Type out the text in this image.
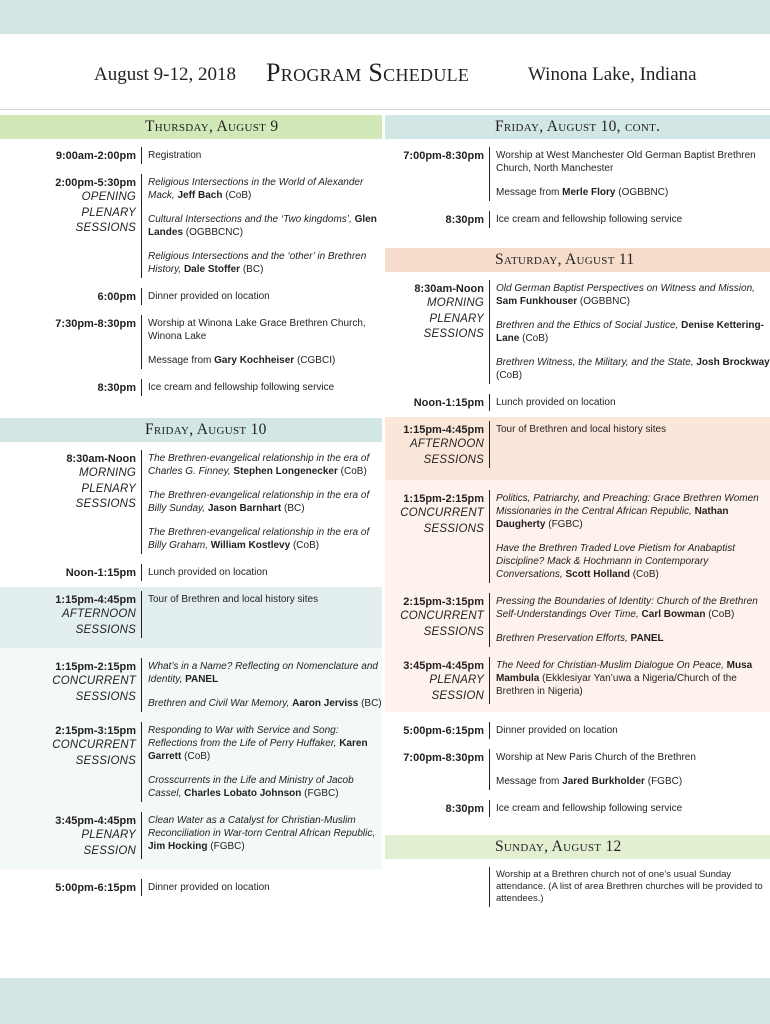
August 9-12, 2018 Program Schedule	Winona Lake, Indiana
Thursday, August 9
9:00am-2:00pm Registration
2:00pm-5:30pm
OPENING
PLENARY
SESSIONS
Religious Intersections in the World of Alexander Mack, Jeff Bach (CoB)
Cultural Intersections and the ‘Two kingdoms’, Glen Landes (OGBBCNC)
Religious Intersections and the ‘other’ in Brethren History, Dale Stoffer (BC)
6:00pm Dinner provided on location
7:30pm-8:30pm Worship at Winona Lake Grace Brethren Church, Winona Lake
Message from Gary Kochheiser (CGBCI)
8:30pm Ice cream and fellowship following service
Friday, August 10
8:30am-Noon
MORNING
PLENARY
SESSIONS
The Brethren-evangelical relationship in the era of Charles G. Finney, Stephen Longenecker (CoB)
The Brethren-evangelical relationship in the era of Billy Sunday, Jason Barnhart (BC)
The Brethren-evangelical relationship in the era of Billy Graham, William Kostlevy (CoB)
Noon-1:15pm Lunch provided on location
1:15pm-4:45pm
AFTERNOON
SESSIONS
Tour of Brethren and local history sites
1:15pm-2:15pm
CONCURRENT
SESSIONS
What’s in a Name? Reflecting on Nomenclature and Identity, PANEL
Brethren and Civil War Memory, Aaron Jerviss (BC)
2:15pm-3:15pm
CONCURRENT
SESSIONS
Responding to War with Service and Song: Reflections from the Life of Perry Huffaker, Karen Garrett (CoB)
Crosscurrents in the Life and Ministry of Jacob Cassel, Charles Lobato Johnson (FGBC)
3:45pm-4:45pm
PLENARY
SESSION
Clean Water as a Catalyst for Christian-Muslim Reconciliation in War-torn Central African Republic, Jim Hocking (FGBC)
5:00pm-6:15pm Dinner provided on location
Friday, August 10, cont.
7:00pm-8:30pm Worship at West Manchester Old German Baptist Brethren Church, North Manchester
Message from Merle Flory (OGBBNC)
8:30pm Ice cream and fellowship following service
Saturday, August 11
8:30am-Noon
MORNING
PLENARY
SESSIONS
Old German Baptist Perspectives on Witness and Mission, Sam Funkhouser (OGBBNC)
Brethren and the Ethics of Social Justice, Denise Kettering-Lane (CoB)
Brethren Witness, the Military, and the State, Josh Brockway (CoB)
Noon-1:15pm Lunch provided on location
1:15pm-4:45pm
AFTERNOON
SESSIONS
Tour of Brethren and local history sites
1:15pm-2:15pm
CONCURRENT
SESSIONS
Politics, Patriarchy, and Preaching: Grace Brethren Women Missionaries in the Central African Republic, Nathan Daugherty (FGBC)
Have the Brethren Traded Love Pietism for Anabaptist Discipline? Mack & Hochmann in Contemporary Conversations, Scott Holland (CoB)
2:15pm-3:15pm
CONCURRENT
SESSIONS
Pressing the Boundaries of Identity: Church of the Brethren Self-Understandings Over Time, Carl Bowman (CoB)
Brethren Preservation Efforts, PANEL
3:45pm-4:45pm
PLENARY
SESSION
The Need for Christian-Muslim Dialogue On Peace, Musa Mambula (Ekklesiyar Yan’uwa a Nigeria/Church of the Brethren in Nigeria)
5:00pm-6:15pm Dinner provided on location
7:00pm-8:30pm Worship at New Paris Church of the Brethren
Message from Jared Burkholder (FGBC)
8:30pm Ice cream and fellowship following service
Sunday, August 12
Worship at a Brethren church not of one’s usual Sunday attendance. (A list of area Brethren churches will be provided to attendees.)
